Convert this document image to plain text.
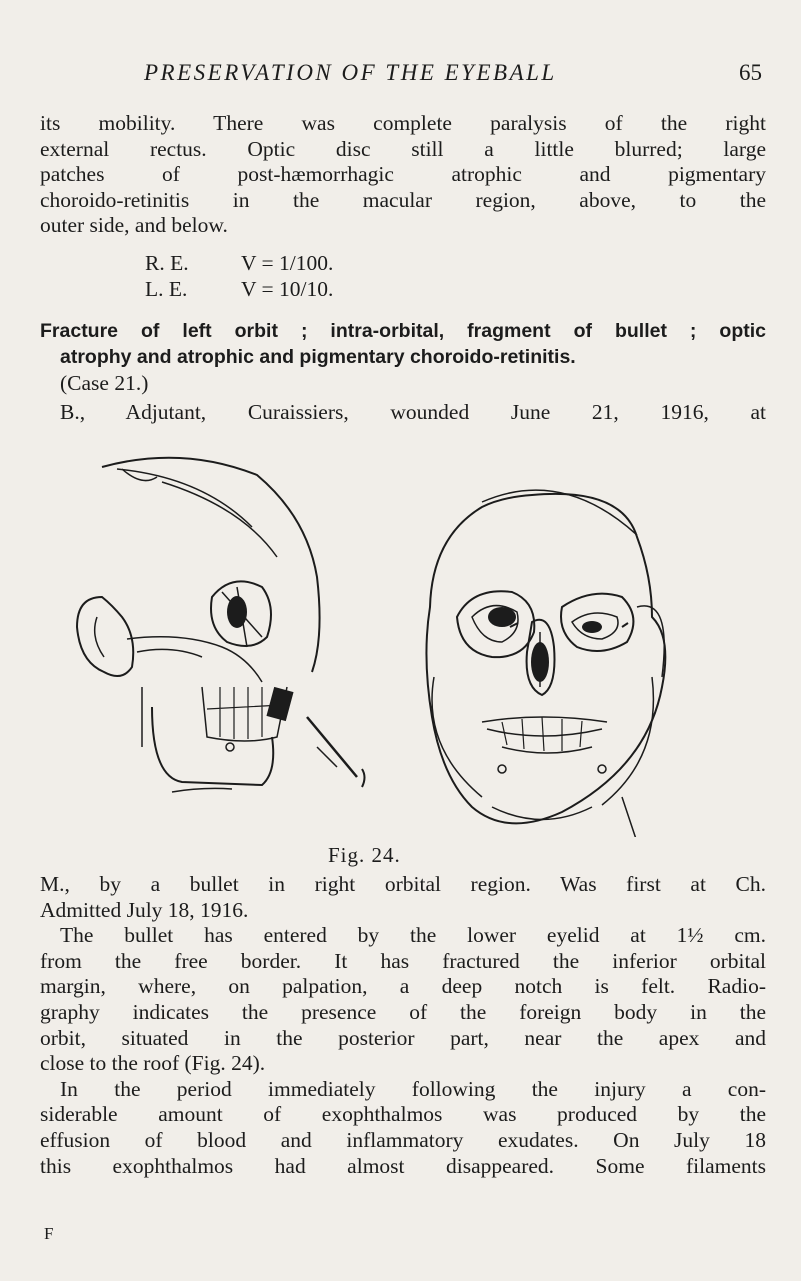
PRESERVATION OF THE EYEBALL	65
its mobility. There was complete paralysis of the right
external rectus. Optic disc still a little blurred; large
patches of post-hæmorrhagic atrophic and pigmentary
choroido-retinitis in the macular region, above, to the
outer side, and below.
R. E.	V = 1/100.
L. E.	V = 10/10.
Fracture of left orbit ; intra-orbital, fragment of bullet ; optic
atrophy and atrophic and pigmentary choroido-retinitis.
(Case 21.)
B., Adjutant, Curaissiers, wounded June 21, 1916, at
Fig. 24.
M., by a bullet in right orbital region. Was first at Ch.
Admitted July 18, 1916.
The bullet has entered by the lower eyelid at 1½ cm.
from the free border. It has fractured the inferior orbital
margin, where, on palpation, a deep notch is felt. Radio-
graphy indicates the presence of the foreign body in the
orbit, situated in the posterior part, near the apex and
close to the roof (Fig. 24).
In the period immediately following the injury a con-
siderable amount of exophthalmos was produced by the
effusion of blood and inflammatory exudates. On July 18
this exophthalmos had almost disappeared. Some filaments
F
